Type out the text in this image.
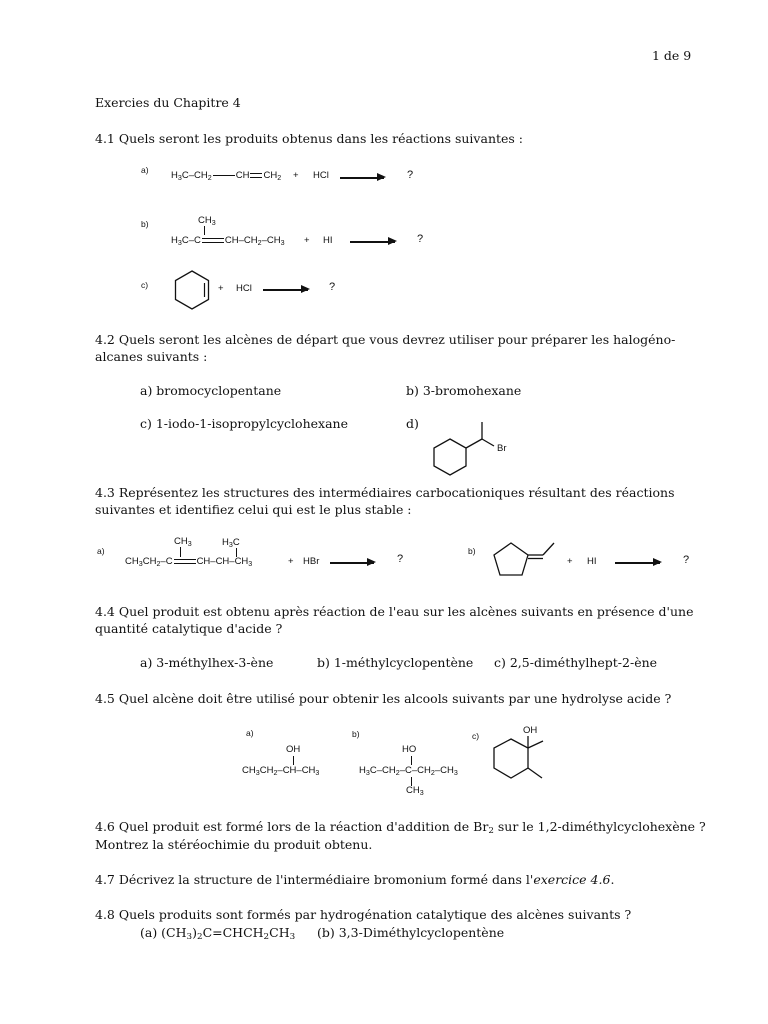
1 de 9
Exercies du Chapitre 4
4.1 Quels seront les produits obtenus dans les réactions suivantes :
a) $H_3C-CH_2$	CH $CH_2$ + HCl → ?
b)	$CH_3$
$H_3C-C$	$CH-CH_2-CH_3$ + HI → ?
c)	+ HCl → ?
4.2 Quels seront les alcènes de départ que vous devrez utiliser pour préparer les halogéno- alcanes suivants :
a) bromocyclopentane	b) 3-bromohexane
c) 1-iodo-1-isopropylcyclohexane	d)
Br
4.3 Représentez les structures des intermédiaires carbocationiques résultant des réactions suivantes et identifiez celui qui est le plus stable :
a)
$CH_3$	$H_3C$
$CH_3CH_2-C$	$CH-CH-CH_3$	+ HBr → ?
b)
+ HI → ?
4.4 Quel produit est obtenu après réaction de l'eau sur les alcènes suivants en présence d'une quantité catalytique d'acide ?
a) 3-méthylhex-3-ène	b) 1-méthylcyclopentène c) 2,5-diméthylhept-2-ène
4.5 Quel alcène doit être utilisé pour obtenir les alcools suivants par une hydrolyse acide ?
a)
OH
$CH_3CH_2-CH-CH_3$
b)
HO
$H_3C-CH_2-C-CH_2-CH_3$
$CH_3$
c)	OH
4.6 Quel produit est formé lors de la réaction d'addition de $Br_2$ sur le 1,2-diméthylcyclohexène ?
Montrez la stéréochimie du produit obtenu.
4.7 Décrivez la structure de l'intermédiaire bromonium formé dans l'exercice 4.6.
4.8 Quels produits sont formés par hydrogénation catalytique des alcènes suivants ?
(a) $(CH_3)_2C=CHCH_2CH_3$ (b) 3,3-Diméthylcyclopentène
